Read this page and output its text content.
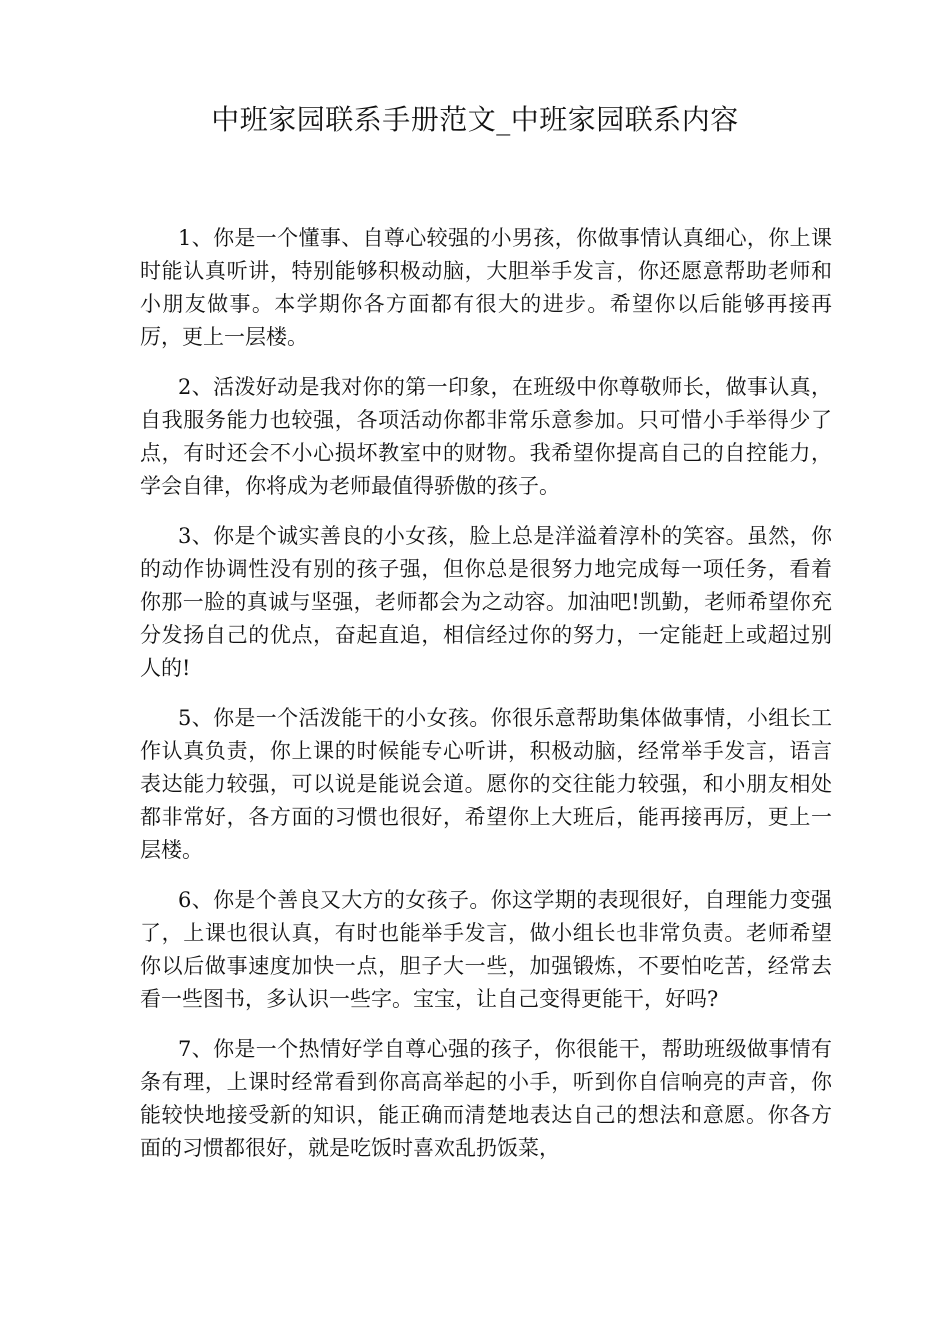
中班家园联系手册范文_中班家园联系内容

1、你是一个懂事、自尊心较强的小男孩，你做事情认真细心，你上课时能认真听讲，特别能够积极动脑，大胆举手发言，你还愿意帮助老师和小朋友做事。本学期你各方面都有很大的进步。希望你以后能够再接再厉，更上一层楼。

2、活泼好动是我对你的第一印象，在班级中你尊敬师长，做事认真，自我服务能力也较强，各项活动你都非常乐意参加。只可惜小手举得少了点，有时还会不小心损坏教室中的财物。我希望你提高自己的自控能力，学会自律，你将成为老师最值得骄傲的孩子。

3、你是个诚实善良的小女孩，脸上总是洋溢着淳朴的笑容。虽然，你的动作协调性没有别的孩子强，但你总是很努力地完成每一项任务，看着你那一脸的真诚与坚强，老师都会为之动容。加油吧!凯勤，老师希望你充分发扬自己的优点，奋起直追，相信经过你的努力，一定能赶上或超过别人的!

5、你是一个活泼能干的小女孩。你很乐意帮助集体做事情，小组长工作认真负责，你上课的时候能专心听讲，积极动脑，经常举手发言，语言表达能力较强，可以说是能说会道。愿你的交往能力较强，和小朋友相处都非常好，各方面的习惯也很好，希望你上大班后，能再接再厉，更上一层楼。

6、你是个善良又大方的女孩子。你这学期的表现很好，自理能力变强了，上课也很认真，有时也能举手发言，做小组长也非常负责。老师希望你以后做事速度加快一点，胆子大一些，加强锻炼，不要怕吃苦，经常去看一些图书，多认识一些字。宝宝，让自己变得更能干，好吗?

7、你是一个热情好学自尊心强的孩子，你很能干，帮助班级做事情有条有理，上课时经常看到你高高举起的小手，听到你自信响亮的声音，你能较快地接受新的知识，能正确而清楚地表达自己的想法和意愿。你各方面的习惯都很好，就是吃饭时喜欢乱扔饭菜，
